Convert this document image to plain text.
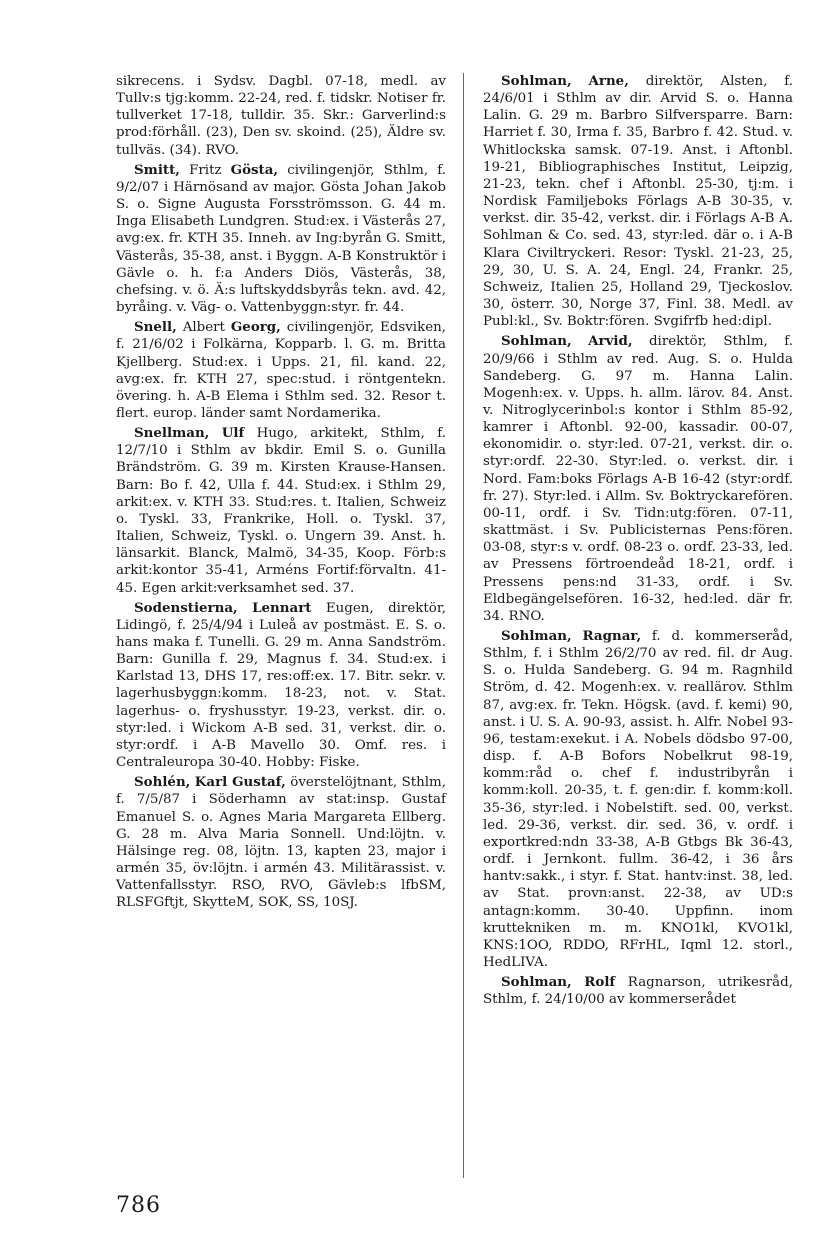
sikrecens. i Sydsv. Dagbl. 07-18, medl. av Tullv:s tjg:komm. 22-24, red. f. tidskr. Notiser fr. tullverket 17-18, tulldir. 35. Skr.: Garverlind:s prod:förhåll. (23), Den sv. skoind. (25), Äldre sv. tullväs. (34). RVO.

Smitt, Fritz Gösta, civilingenjör, Sthlm, f. 9/2/07 i Härnösand av major. Gösta Johan Jakob S. o. Signe Augusta Forsströmsson. G. 44 m. Inga Elisabeth Lundgren. Stud:ex. i Västerås 27, avg:ex. fr. KTH 35. Inneh. av Ing:byrån G. Smitt, Västerås, 35-38, anst. i Byggn. A-B Konstruktör i Gävle o. h. f:a Anders Diös, Västerås, 38, chefsing. v. ö. Ä:s luftskyddsbyrås tekn. avd. 42, byråing. v. Väg- o. Vattenbyggn:styr. fr. 44.

Snell, Albert Georg, civilingenjör, Edsviken, f. 21/6/02 i Folkärna, Kopparb. l. G. m. Britta Kjellberg. Stud:ex. i Upps. 21, fil. kand. 22, avg:ex. fr. KTH 27, spec:stud. i röntgentekn. övering. h. A-B Elema i Sthlm sed. 32. Resor t. flert. europ. länder samt Nordamerika.

Snellman, Ulf Hugo, arkitekt, Sthlm, f. 12/7/10 i Sthlm av bkdir. Emil S. o. Gunilla Brändström. G. 39 m. Kirsten Krause-Hansen. Barn: Bo f. 42, Ulla f. 44. Stud:ex. i Sthlm 29, arkit:ex. v. KTH 33. Stud:res. t. Italien, Schweiz o. Tyskl. 33, Frankrike, Holl. o. Tyskl. 37, Italien, Schweiz, Tyskl. o. Ungern 39. Anst. h. länsarkit. Blanck, Malmö, 34-35, Koop. Förb:s arkit:kontor 35-41, Arméns Fortif:förvaltn. 41-45. Egen arkit:verksamhet sed. 37.

Sodenstierna, Lennart Eugen, direktör, Lidingö, f. 25/4/94 i Luleå av postmäst. E. S. o. hans maka f. Tunelli. G. 29 m. Anna Sandström. Barn: Gunilla f. 29, Magnus f. 34. Stud:ex. i Karlstad 13, DHS 17, res:off:ex. 17. Bitr. sekr. v. lagerhusbyggn:komm. 18-23, not. v. Stat. lagerhus- o. fryshusstyr. 19-23, verkst. dir. o. styr:led. i Wickom A-B sed. 31, verkst. dir. o. styr:ordf. i A-B Mavello 30. Omf. res. i Centraleuropa 30-40. Hobby: Fiske.

Sohlén, Karl Gustaf, överstelöjtnant, Sthlm, f. 7/5/87 i Söderhamn av stat:insp. Gustaf Emanuel S. o. Agnes Maria Margareta Ellberg. G. 28 m. Alva Maria Sonnell. Und:löjtn. v. Hälsinge reg. 08, löjtn. 13, kapten 23, major i armén 35, öv:löjtn. i armén 43. Militärassist. v. Vattenfallsstyr. RSO, RVO, Gävleb:s lfbSM, RLSFGftjt, SkytteM, SOK, SS, 10SJ.

Sohlman, Arne, direktör, Alsten, f. 24/6/01 i Sthlm av dir. Arvid S. o. Hanna Lalin. G. 29 m. Barbro Silfversparre. Barn: Harriet f. 30, Irma f. 35, Barbro f. 42. Stud. v. Whitlockska samsk. 07-19. Anst. i Aftonbl. 19-21, Bibliographisches Institut, Leipzig, 21-23, tekn. chef i Aftonbl. 25-30, tj:m. i Nordisk Familjeboks Förlags A-B 30-35, v. verkst. dir. 35-42, verkst. dir. i Förlags A-B A. Sohlman & Co. sed. 43, styr:led. där o. i A-B Klara Civiltryckeri. Resor: Tyskl. 21-23, 25, 29, 30, U. S. A. 24, Engl. 24, Frankr. 25, Schweiz, Italien 25, Holland 29, Tjeckoslov. 30, österr. 30, Norge 37, Finl. 38. Medl. av Publ:kl., Sv. Boktr:fören. Svgifrfb hed:dipl.

Sohlman, Arvid, direktör, Sthlm, f. 20/9/66 i Sthlm av red. Aug. S. o. Hulda Sandeberg. G. 97 m. Hanna Lalin. Mogenh:ex. v. Upps. h. allm. lärov. 84. Anst. v. Nitroglycerinbol:s kontor i Sthlm 85-92, kamrer i Aftonbl. 92-00, kassadir. 00-07, ekonomidir. o. styr:led. 07-21, verkst. dir. o. styr:ordf. 22-30. Styr:led. o. verkst. dir. i Nord. Fam:boks Förlags A-B 16-42 (styr:ordf. fr. 27). Styr:led. i Allm. Sv. Boktryckarefören. 00-11, ordf. i Sv. Tidn:utg:fören. 07-11, skattmäst. i Sv. Publicisternas Pens:fören. 03-08, styr:s v. ordf. 08-23 o. ordf. 23-33, led. av Pressens förtroendeåd 18-21, ordf. i Pressens pens:nd 31-33, ordf. i Sv. Eldbegängelseförеn. 16-32, hed:led. där fr. 34. RNO.

Sohlman, Ragnar, f. d. kommerseråd, Sthlm, f. i Sthlm 26/2/70 av red. fil. dr Aug. S. o. Hulda Sandeberg. G. 94 m. Ragnhild Ström, d. 42. Mogenh:ex. v. reallärov. Sthlm 87, avg:ex. fr. Tekn. Högsk. (avd. f. kemi) 90, anst. i U. S. A. 90-93, assist. h. Alfr. Nobel 93-96, testam:exekut. i A. Nobels dödsbo 97-00, disp. f. A-B Bofors Nobelkrut 98-19, komm:råd o. chef f. industribyrån i komm:koll. 20-35, t. f. gen:dir. f. komm:koll. 35-36, styr:led. i Nobelstift. sed. 00, verkst. led. 29-36, verkst. dir. sed. 36, v. ordf. i exportkred:ndn 33-38, A-B Gtbgs Bk 36-43, ordf. i Jernkont. fullm. 36-42, i 36 års hantv:sakk., i styr. f. Stat. hantv:inst. 38, led. av Stat. provn:anst. 22-38, av UD:s antagn:komm. 30-40. Uppfinn. inom kruttekniken m. m. KNO1kl, KVO1kl, KNS:1OO, RDDO, RFrHL, Iqml 12. storl., HedLIVA.

Sohlman, Rolf Ragnarson, utrikesråd, Sthlm, f. 24/10/00 av kommerserådet

786
